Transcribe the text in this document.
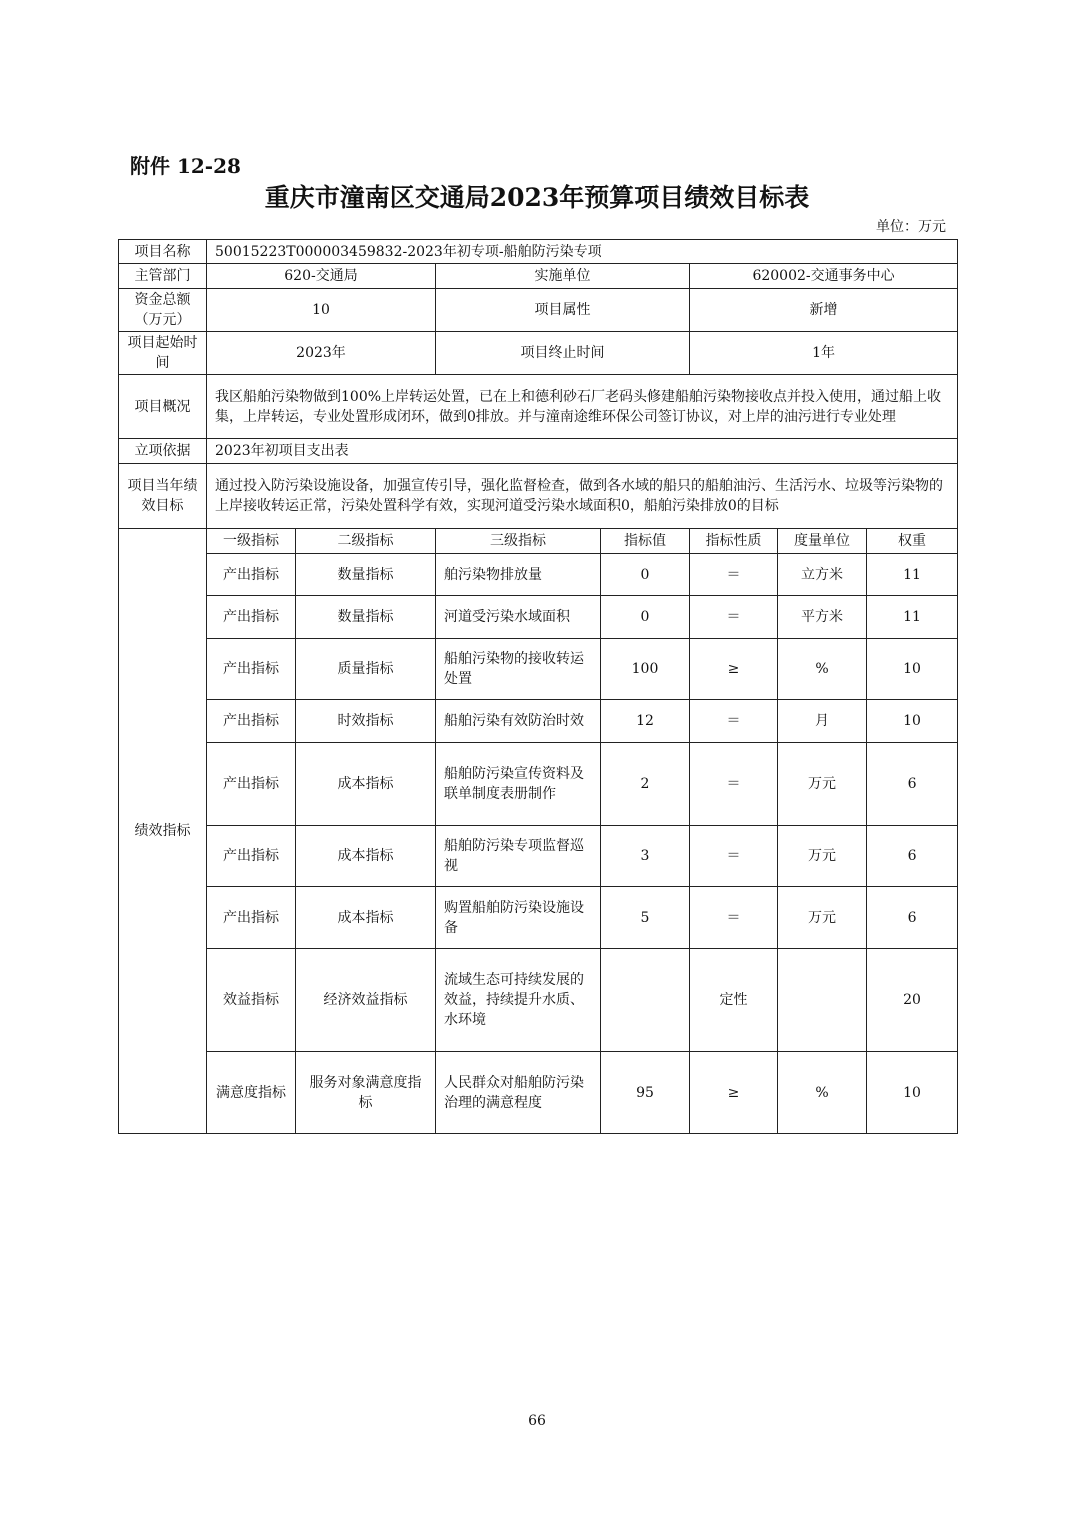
附件 12-28
重庆市潼南区交通局2023年预算项目绩效目标表
单位：万元
项目名称	50015223T000003459832-2023年初专项-船舶防污染专项						
主管部门	620-交通局		实施单位		620002-交通事务中心		
资金总额（万元）	10		项目属性		新增		
项目起始时间	2023年		项目终止时间		1年		
项目概况	我区船舶污染物做到100%上岸转运处置，已在上和德利砂石厂老码头修建船舶污染物接收点并投入使用，通过船上收集，上岸转运，专业处置形成闭环，做到0排放。并与潼南途维环保公司签订协议，对上岸的油污进行专业处理						
立项依据	2023年初项目支出表						
项目当年绩效目标	通过投入防污染设施设备，加强宣传引导，强化监督检查，做到各水域的船只的船舶油污、生活污水、垃圾等污染物的上岸接收转运正常，污染处置科学有效，实现河道受污染水域面积0，船舶污染排放0的目标						
绩效指标	一级指标	二级指标	三级指标	指标值	指标性质	度量单位	权重
	产出指标	数量指标	舶污染物排放量	0	＝	立方米	11
	产出指标	数量指标	河道受污染水域面积	0	＝	平方米	11
	产出指标	质量指标	船舶污染物的接收转运处置	100	≥	%	10
	产出指标	时效指标	船舶污染有效防治时效	12	＝	月	10
	产出指标	成本指标	船舶防污染宣传资料及联单制度表册制作	2	＝	万元	6
	产出指标	成本指标	船舶防污染专项监督巡视	3	＝	万元	6
	产出指标	成本指标	购置船舶防污染设施设备	5	＝	万元	6
	效益指标	经济效益指标	流域生态可持续发展的效益，持续提升水质、水环境		定性		20
	满意度指标	服务对象满意度指标	人民群众对船舶防污染治理的满意程度	95	≥	%	10
66
